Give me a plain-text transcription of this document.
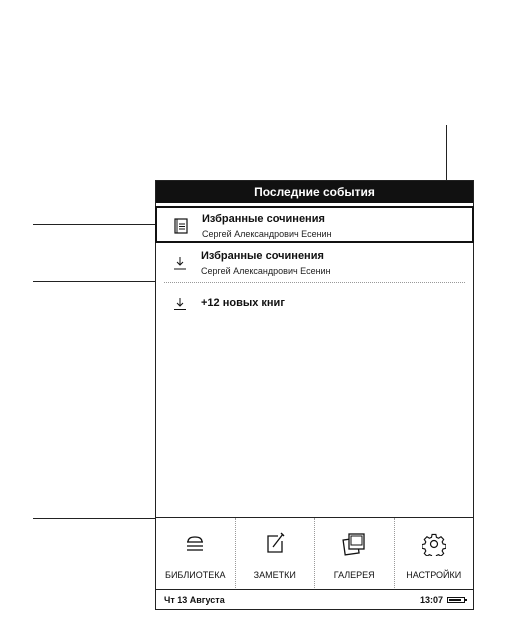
Последние события
Избранные сочинения
Сергей Александрович Есенин
Избранные сочинения
Сергей Александрович Есенин
+12 новых книг
БИБЛИОТЕКА	ЗАМЕТКИ	ГАЛЕРЕЯ	НАСТРОЙКИ
Чт 13 Августа	13:07
